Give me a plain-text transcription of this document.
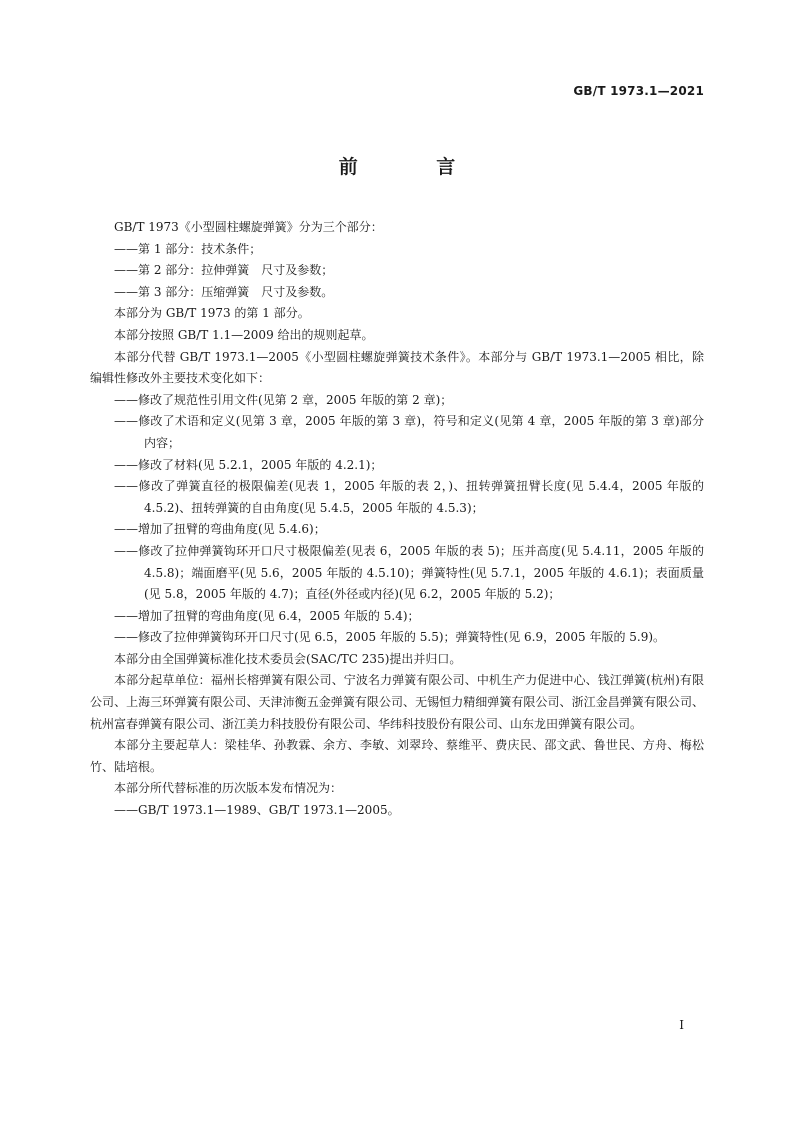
GB/T 1973.1—2021
前 言

GB/T 1973《小型圆柱螺旋弹簧》分为三个部分：

——第 1 部分：技术条件；

——第 2 部分：拉伸弹簧　尺寸及参数；

——第 3 部分：压缩弹簧　尺寸及参数。

本部分为 GB/T 1973 的第 1 部分。

本部分按照 GB/T 1.1—2009 给出的规则起草。

本部分代替 GB/T 1973.1—2005《小型圆柱螺旋弹簧技术条件》。本部分与 GB/T 1973.1—2005 相比，除编辑性修改外主要技术变化如下：

——修改了规范性引用文件(见第 2 章，2005 年版的第 2 章)；

——修改了术语和定义(见第 3 章，2005 年版的第 3 章)，符号和定义(见第 4 章，2005 年版的第 3 章)部分内容；

——修改了材料(见 5.2.1，2005 年版的 4.2.1)；

——修改了弹簧直径的极限偏差(见表 1，2005 年版的表 2，)、扭转弹簧扭臂长度(见 5.4.4，2005 年版的 4.5.2)、扭转弹簧的自由角度(见 5.4.5，2005 年版的 4.5.3)；

——增加了扭臂的弯曲角度(见 5.4.6)；

——修改了拉伸弹簧钩环开口尺寸极限偏差(见表 6，2005 年版的表 5)；压并高度(见 5.4.11，2005 年版的 4.5.8)；端面磨平(见 5.6，2005 年版的 4.5.10)；弹簧特性(见 5.7.1，2005 年版的 4.6.1)；表面质量(见 5.8，2005 年版的 4.7)；直径(外径或内径)(见 6.2，2005 年版的 5.2)；

——增加了扭臂的弯曲角度(见 6.4，2005 年版的 5.4)；

——修改了拉伸弹簧钩环开口尺寸(见 6.5，2005 年版的 5.5)；弹簧特性(见 6.9，2005 年版的 5.9)。

本部分由全国弹簧标准化技术委员会(SAC/TC 235)提出并归口。

本部分起草单位：福州长榕弹簧有限公司、宁波名力弹簧有限公司、中机生产力促进中心、钱江弹簧(杭州)有限公司、上海三环弹簧有限公司、天津沛衡五金弹簧有限公司、无锡恒力精细弹簧有限公司、浙江金昌弹簧有限公司、杭州富春弹簧有限公司、浙江美力科技股份有限公司、华纬科技股份有限公司、山东龙田弹簧有限公司。

本部分主要起草人：梁桂华、孙教霖、余方、李敏、刘翠玲、蔡维平、费庆民、邵文武、鲁世民、方舟、梅松竹、陆培根。

本部分所代替标准的历次版本发布情况为：

——GB/T 1973.1—1989、GB/T 1973.1—2005。

I
